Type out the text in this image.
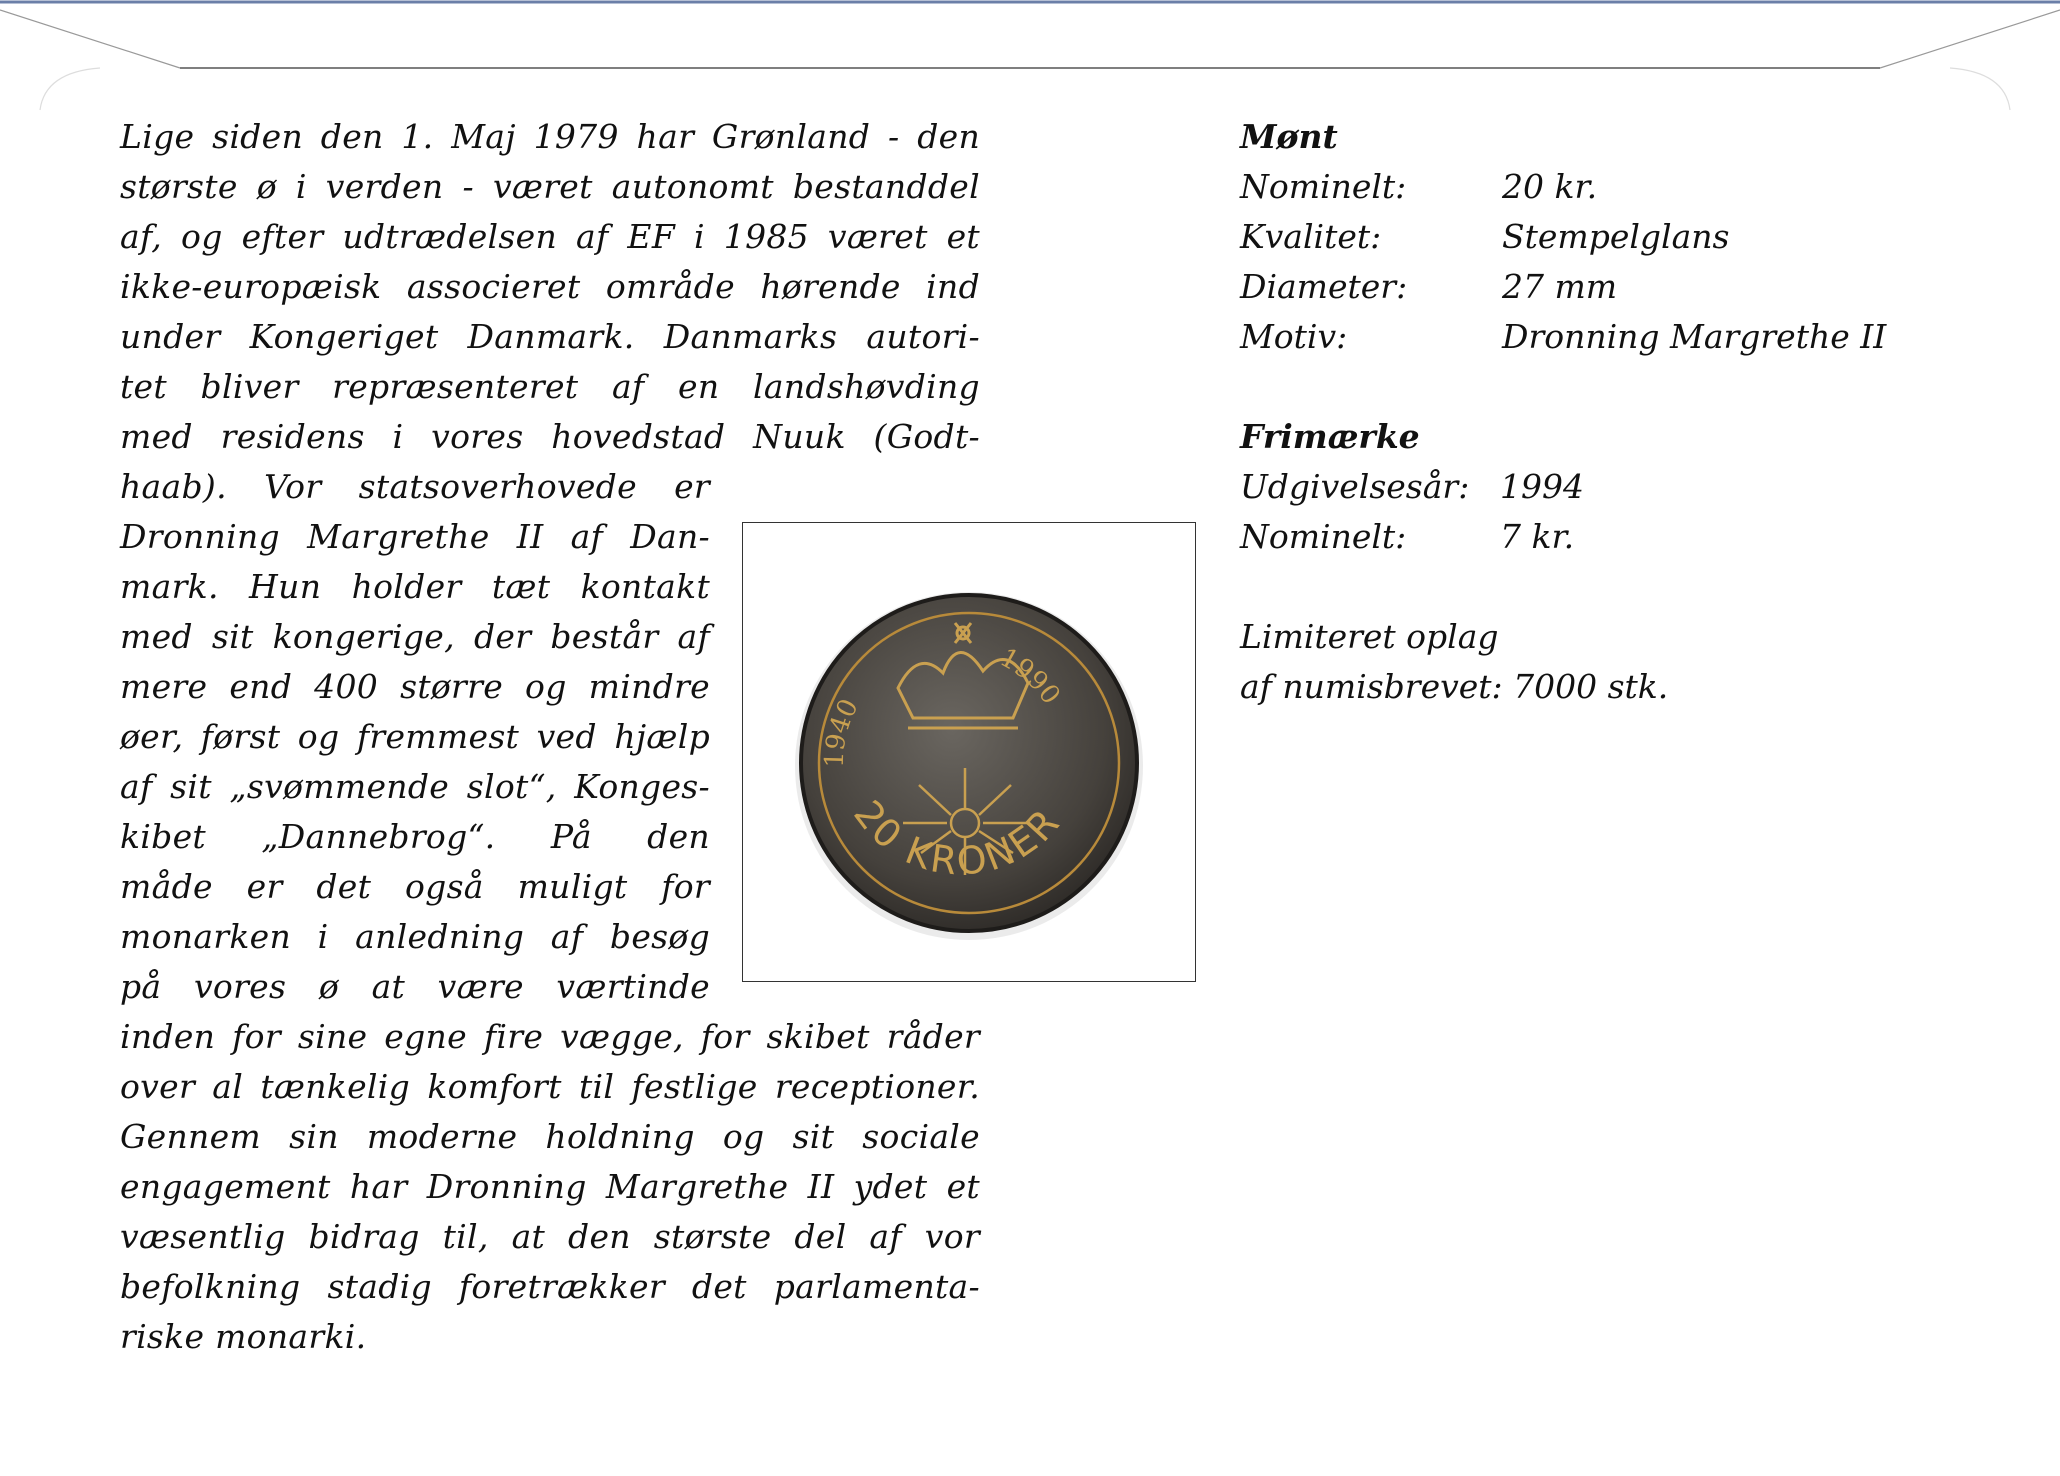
Lige siden den 1. Maj 1979 har Grønland - den
største ø i verden - været autonomt bestanddel
af, og efter udtrædelsen af EF i 1985 været et
ikke-europæisk associeret område hørende ind
under Kongeriget Danmark. Danmarks autori-
tet bliver repræsenteret af en landshøvding
med residens i vores hovedstad Nuuk (Godt-
haab). Vor statsoverhovede er
Dronning Margrethe II af Dan-
mark. Hun holder tæt kontakt
med sit kongerige, der består af
mere end 400 større og mindre
øer, først og fremmest ved hjælp
af sit „svømmende slot“, Konges-
kibet „Dannebrog“. På den
måde er det også muligt for
monarken i anledning af besøg
på vores ø at være værtinde
inden for sine egne fire vægge, for skibet råder
over al tænkelig komfort til festlige receptioner.
Gennem sin moderne holdning og sit sociale
engagement har Dronning Margrethe II ydet et
væsentlig bidrag til, at den største del af vor
befolkning stadig foretrækker det parlamenta-
riske monarki.
1940
1990
20 KRONER
Mønt
Nominelt:	20 kr.
Kvalitet:	Stempelglans
Diameter:	27 mm
Motiv:	Dronning Margrethe II
Frimærke
Udgivelsesår: 1994
Nominelt:	7 kr.
Limiteret oplag
af numisbrevet: 7000 stk.
